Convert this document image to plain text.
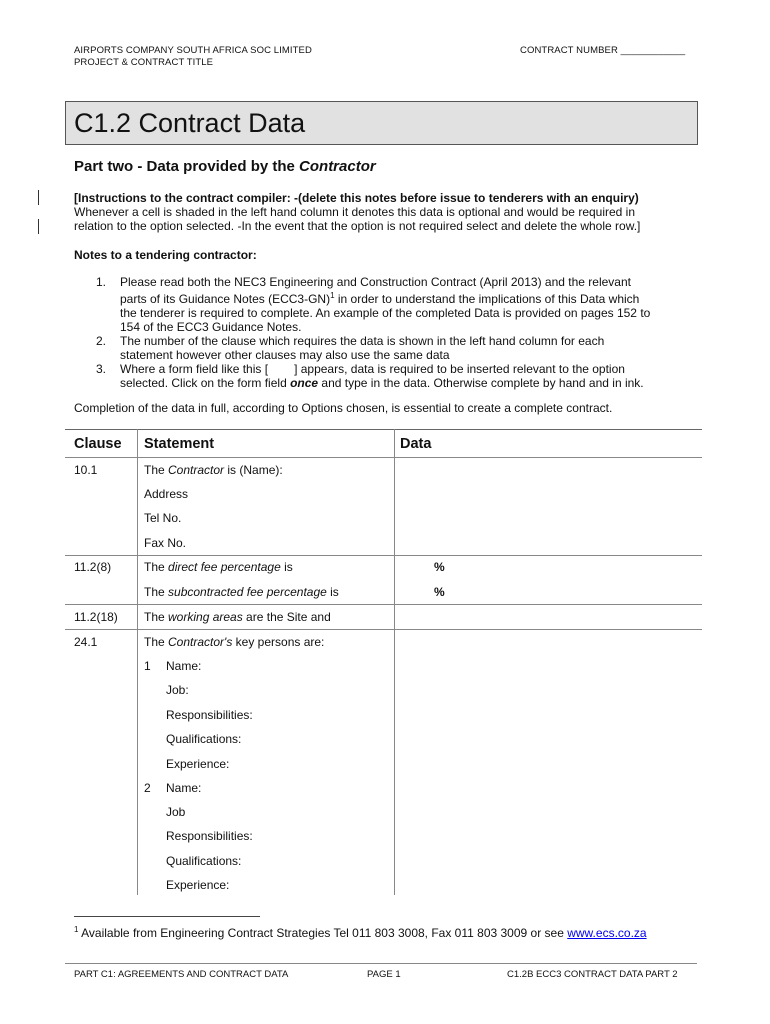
AIRPORTS COMPANY SOUTH AFRICA SOC LIMITED
PROJECT & CONTRACT TITLE
CONTRACT NUMBER ____________
C1.2 Contract Data
Part two - Data provided by the Contractor
[Instructions to the contract compiler: -(delete this notes before issue to tenderers with an enquiry)
Whenever a cell is shaded in the left hand column it denotes this data is optional and would be required in
relation to the option selected. -In the event that the option is not required select and delete the whole row.]
Notes to a tendering contractor:
1. Please read both the NEC3 Engineering and Construction Contract (April 2013) and the relevant
parts of its Guidance Notes $(ECC3-GN)^1$ in order to understand the implications of this Data which
the tenderer is required to complete. An example of the completed Data is provided on pages 152 to
154 of the ECC3 Guidance Notes.
2. The number of the clause which requires the data is shown in the left hand column for each
statement however other clauses may also use the same data
3. Where a form field like this [ ] appears, data is required to be inserted relevant to the option
selected. Click on the form field once and type in the data. Otherwise complete by hand and in ink.
Completion of the data in full, according to Options chosen, is essential to create a complete contract.
Clause Statement	Data
10.1	The Contractor is (Name):
Address
Tel No.
Fax No.
11.2(8)	The direct fee percentage is	%
The subcontracted fee percentage is	%
11.2(18) The working areas are the Site and
24.1	The Contractor's key persons are:
1 Name:
Job:
Responsibilities:
Qualifications:
Experience:
2 Name:
Job
Responsibilities:
Qualifications:
Experience:
$^1$ Available from Engineering Contract Strategies Tel 011 803 3008, Fax 011 803 3009 or see www.ecs.co.za
PART C1: AGREEMENTS AND CONTRACT DATA	PAGE 1	C1.2B ECC3 CONTRACT DATA PART 2
